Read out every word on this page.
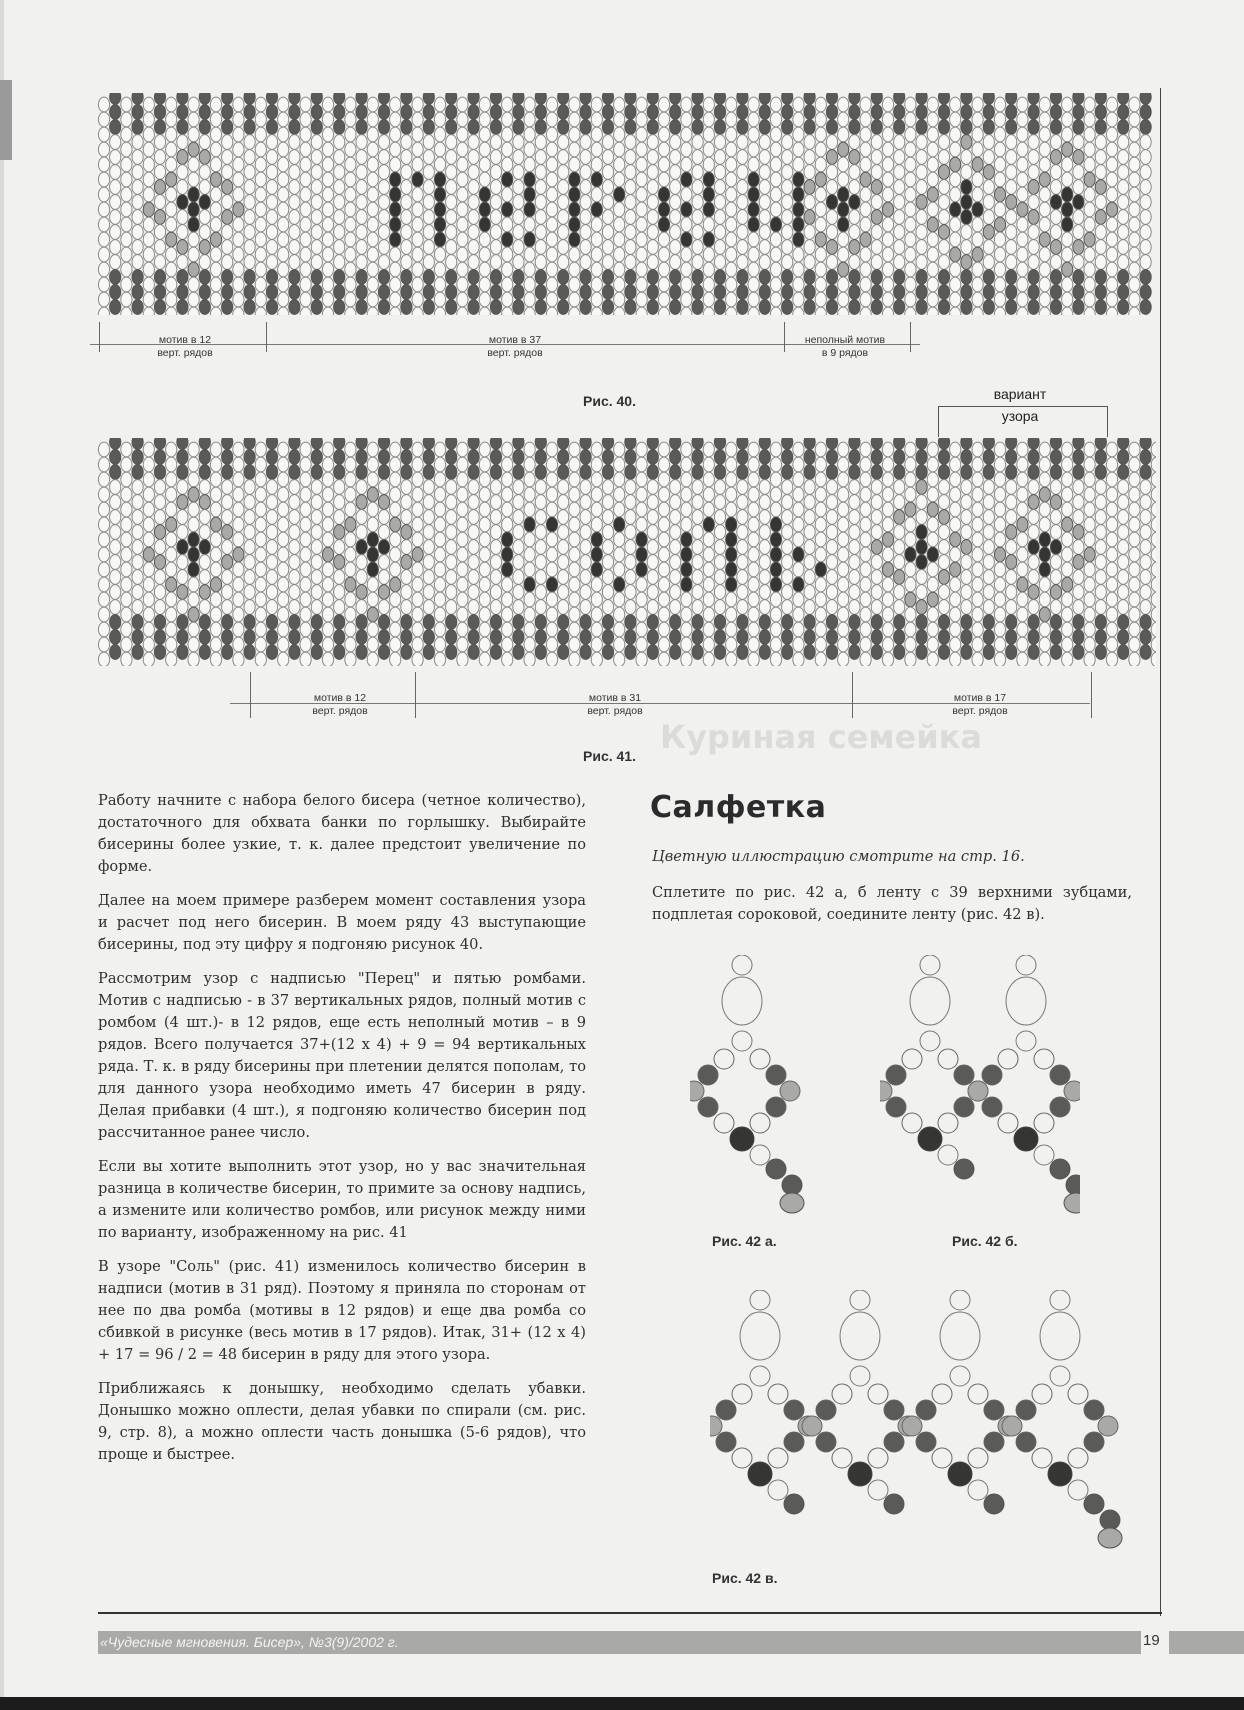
Куриная семейка
мотив в 12
верт. рядов
мотив в 37
верт. рядов
неполный мотив
в 9 рядов
Рис. 40.	вариант
узора
мотив в 12
верт. рядов
мотив в 31
верт. рядов
мотив в 17
верт. рядов
Рис. 41.

Работу начните с набора белого бисера (четное количество), достаточного для обхвата банки по горлышку. Выбирайте бисерины более узкие, т. к. далее предстоит увеличение по форме.

Далее на моем примере разберем момент составления узора и расчет под него бисерин. В моем ряду 43 выступающие бисерины, под эту цифру я подгоняю рисунок 40.

Рассмотрим узор с надписью "Перец" и пятью ромбами. Мотив с надписью - в 37 вертикальных рядов, полный мотив с ромбом (4 шт.)- в 12 рядов, еще есть неполный мотив – в 9 рядов. Всего получается 37+(12 х 4) + 9 = 94 вертикальных ряда. Т. к. в ряду бисерины при плетении делятся пополам, то для данного узора необходимо иметь 47 бисерин в ряду. Делая прибавки (4 шт.), я подгоняю количество бисерин под рассчитанное ранее число.

Если вы хотите выполнить этот узор, но у вас значительная разница в количестве бисерин, то примите за основу надпись, а измените или количество ромбов, или рисунок между ними по варианту, изображенному на рис. 41

В узоре "Соль" (рис. 41) изменилось количество бисерин в надписи (мотив в 31 ряд). Поэтому я приняла по сторонам от нее по два ромба (мотивы в 12 рядов) и еще два ромба со сбивкой в рисунке (весь мотив в 17 рядов). Итак, 31+ (12 х 4) + 17 = 96 / 2 = 48 бисерин в ряду для этого узора.

Приближаясь к донышку, необходимо сделать убавки. Донышко можно оплести, делая убавки по спирали (см. рис. 9, стр. 8), а можно оплести часть донышка (5-6 рядов), что проще и быстрее.

Салфетка
Цветную иллюстрацию смотрите на стр. 16.
Сплетите по рис. 42 а, б ленту с 39 верхними зубцами, подплетая сороковой, соедините ленту (рис. 42 в).
Рис. 42 а.	Рис. 42 б.
Рис. 42 в.
«Чудесные мгновения. Бисер», №3(9)/2002 г.	19
